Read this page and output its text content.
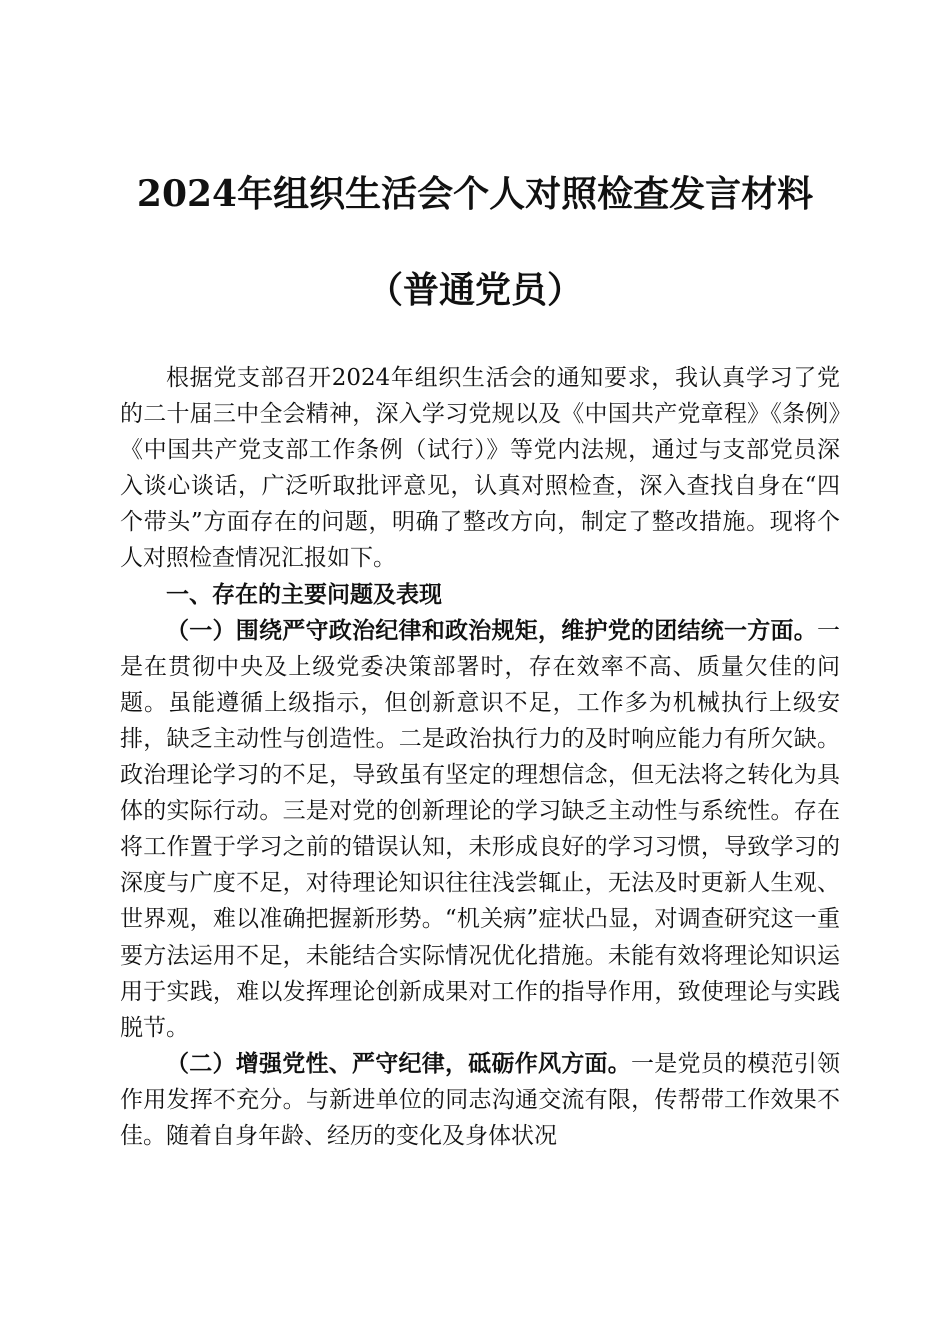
2024年组织生活会个人对照检查发言材料
（普通党员）

根据党支部召开2024年组织生活会的通知要求，我认真学习了党的二十届三中全会精神，深入学习党规以及《中国共产党章程》《条例》《中国共产党支部工作条例（试行）》等党内法规，通过与支部党员深入谈心谈话，广泛听取批评意见，认真对照检查，深入查找自身在“四个带头”方面存在的问题，明确了整改方向，制定了整改措施。现将个人对照检查情况汇报如下。

一、存在的主要问题及表现

（一）围绕严守政治纪律和政治规矩，维护党的团结统一方面。一是在贯彻中央及上级党委决策部署时，存在效率不高、质量欠佳的问题。虽能遵循上级指示，但创新意识不足，工作多为机械执行上级安排，缺乏主动性与创造性。二是政治执行力的及时响应能力有所欠缺。政治理论学习的不足，导致虽有坚定的理想信念，但无法将之转化为具体的实际行动。三是对党的创新理论的学习缺乏主动性与系统性。存在将工作置于学习之前的错误认知，未形成良好的学习习惯，导致学习的深度与广度不足，对待理论知识往往浅尝辄止，无法及时更新人生观、世界观，难以准确把握新形势。“机关病”症状凸显，对调查研究这一重要方法运用不足，未能结合实际情况优化措施。未能有效将理论知识运用于实践，难以发挥理论创新成果对工作的指导作用，致使理论与实践脱节。

（二）增强党性、严守纪律，砥砺作风方面。一是党员的模范引领作用发挥不充分。与新进单位的同志沟通交流有限，传帮带工作效果不佳。随着自身年龄、经历的变化及身体状况
